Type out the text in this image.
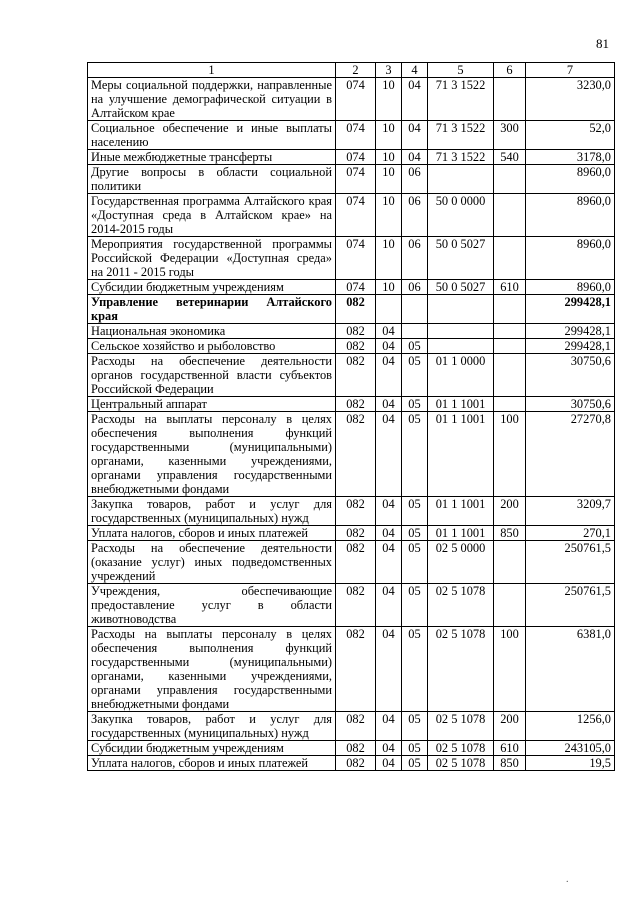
81
1	2	3	4	5	6	7
Меры социальной поддержки, направленные на улучшение демографической ситуации в Алтайском крае	074	10	04	71 3 1522		3230,0
Социальное обеспечение и иные выплаты населению	074	10	04	71 3 1522	300	52,0
Иные межбюджетные трансферты	074	10	04	71 3 1522	540	3178,0
Другие вопросы в области социальной политики	074	10	06			8960,0
Государственная программа Алтайского края «Доступная среда в Алтайском крае» на 2014-2015 годы	074	10	06	50 0 0000		8960,0
Мероприятия государственной программы Российской Федерации «Доступная среда» на 2011 - 2015 годы	074	10	06	50 0 5027		8960,0
Субсидии бюджетным учреждениям	074	10	06	50 0 5027	610	8960,0
Управление ветеринарии Алтайского края	082					299428,1
Национальная экономика	082	04				299428,1
Сельское хозяйство и рыболовство	082	04	05			299428,1
Расходы на обеспечение деятельности органов государственной власти субъектов Российской Федерации	082	04	05	01 1 0000		30750,6
Центральный аппарат	082	04	05	01 1 1001		30750,6
Расходы на выплаты персоналу в целях обеспечения выполнения функций государственными (муниципальными) органами, казенными учреждениями, органами управления государственными внебюджетными фондами	082	04	05	01 1 1001	100	27270,8
Закупка товаров, работ и услуг для государственных (муниципальных) нужд	082	04	05	01 1 1001	200	3209,7
Уплата налогов, сборов и иных платежей	082	04	05	01 1 1001	850	270,1
Расходы на обеспечение деятельности (оказание услуг) иных подведомственных учреждений	082	04	05	02 5 0000		250761,5
Учреждения, обеспечивающие предоставление услуг в области животноводства	082	04	05	02 5 1078		250761,5
Расходы на выплаты персоналу в целях обеспечения выполнения функций государственными (муниципальными) органами, казенными учреждениями, органами управления государственными внебюджетными фондами	082	04	05	02 5 1078	100	6381,0
Закупка товаров, работ и услуг для государственных (муниципальных) нужд	082	04	05	02 5 1078	200	1256,0
Субсидии бюджетным учреждениям	082	04	05	02 5 1078	610	243105,0
Уплата налогов, сборов и иных платежей	082	04	05	02 5 1078	850	19,5
.
